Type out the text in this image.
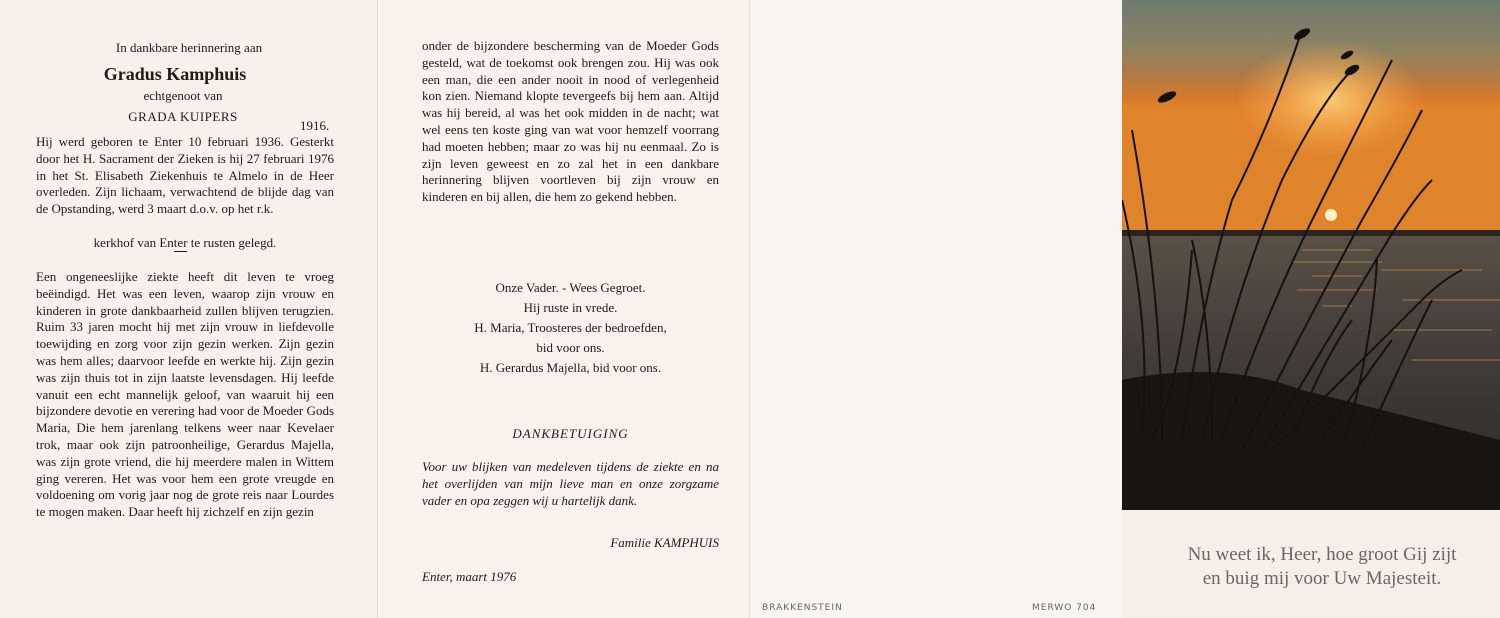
In dankbare herinnering aan
Gradus Kamphuis
echtgenoot van
GRADA KUIPERS
1916.

Hij werd geboren te Enter 10 februari 1936. Gesterkt door het H. Sacrament der Zieken is hij 27 februari 1976 in het St. Elisabeth Ziekenhuis te Almelo in de Heer overleden. Zijn lichaam, verwachtend de blijde dag van de Opstanding, werd 3 maart d.o.v. op het r.k.

kerkhof van Enter te rusten gelegd.

Een ongeneeslijke ziekte heeft dit leven te vroeg beëindigd. Het was een leven, waarop zijn vrouw en kinderen in grote dankbaarheid zullen blijven terugzien. Ruim 33 jaren mocht hij met zijn vrouw in liefdevolle toewijding en zorg voor zijn gezin werken. Zijn gezin was hem alles; daarvoor leefde en werkte hij. Zijn gezin was zijn thuis tot in zijn laatste levensdagen. Hij leefde vanuit een echt mannelijk geloof, van waaruit hij een bijzondere devotie en verering had voor de Moeder Gods Maria, Die hem jarenlang telkens weer naar Kevelaer trok, maar ook zijn patroonheilige, Gerardus Majella, was zijn grote vriend, die hij meerdere malen in Wittem ging vereren. Het was voor hem een grote vreugde en voldoening om vorig jaar nog de grote reis naar Lourdes te mogen maken. Daar heeft hij zichzelf en zijn gezin

onder de bijzondere bescherming van de Moeder Gods gesteld, wat de toekomst ook brengen zou. Hij was ook een man, die een ander nooit in nood of verlegenheid kon zien. Niemand klopte tevergeefs bij hem aan. Altijd was hij bereid, al was het ook midden in de nacht; wat wel eens ten koste ging van wat voor hemzelf voorrang had moeten hebben; maar zo was hij nu eenmaal. Zo is zijn leven geweest en zo zal het in een dankbare herinnering blijven voortleven bij zijn vrouw en kinderen en bij allen, die hem zo gekend hebben.

Onze Vader. - Wees Gegroet.
Hij ruste in vrede.
H. Maria, Troosteres der bedroefden,
bid voor ons.
H. Gerardus Majella, bid voor ons.
DANKBETUIGING

Voor uw blijken van medeleven tijdens de ziekte en na het overlijden van mijn lieve man en onze zorgzame vader en opa zeggen wij u hartelijk dank.

Familie KAMPHUIS
Enter, maart 1976
BRAKKENSTEIN	MERWO 704
Nu weet ik, Heer, hoe groot Gij zijt
en buig mij voor Uw Majesteit.
